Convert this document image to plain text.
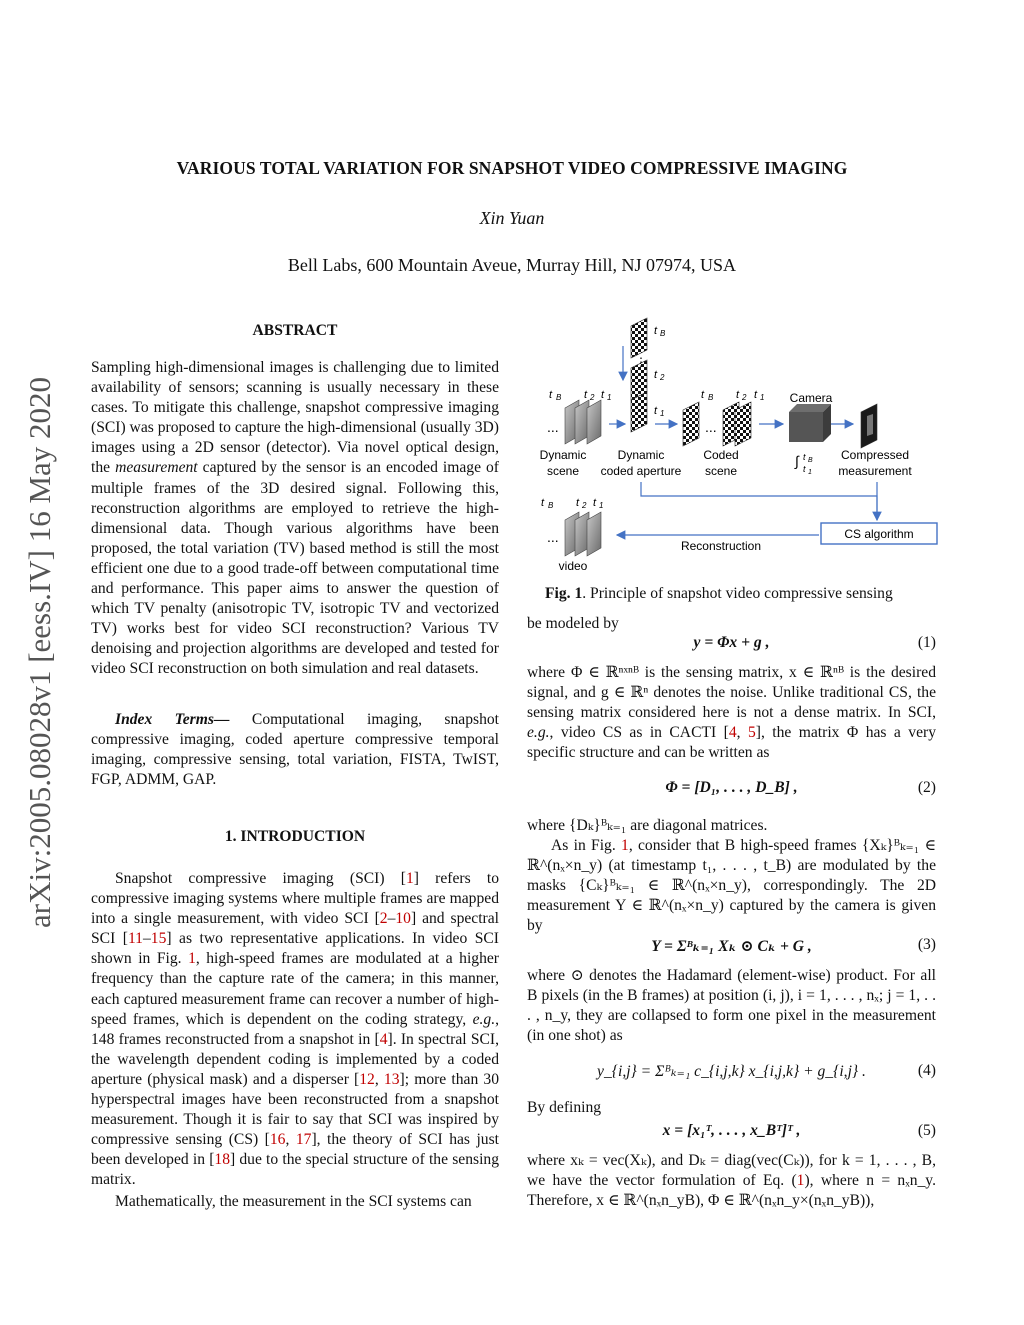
arXiv:2005.08028v1 [eess.IV] 16 May 2020
VARIOUS TOTAL VARIATION FOR SNAPSHOT VIDEO COMPRESSIVE IMAGING
Xin Yuan
Bell Labs, 600 Mountain Aveue, Murray Hill, NJ 07974, USA
ABSTRACT

Sampling high-dimensional images is challenging due to limited availability of sensors; scanning is usually necessary in these cases. To mitigate this challenge, snapshot compressive imaging (SCI) was proposed to capture the high-dimensional (usually 3D) images using a 2D sensor (detector). Via novel optical design, the measurement captured by the sensor is an encoded image of multiple frames of the 3D desired signal. Following this, reconstruction algorithms are employed to retrieve the high-dimensional data. Though various algorithms have been proposed, the total variation (TV) based method is still the most efficient one due to a good trade-off between computational time and performance. This paper aims to answer the question of which TV penalty (anisotropic TV, isotropic TV and vectorized TV) works best for video SCI reconstruction? Various TV denoising and projection algorithms are developed and tested for video SCI reconstruction on both simulation and real datasets.

Index Terms— Computational imaging, snapshot compressive imaging, coded aperture compressive temporal imaging, compressive sensing, total variation, FISTA, TwIST, FGP, ADMM, GAP.

1. INTRODUCTION

Snapshot compressive imaging (SCI) [1] refers to compressive imaging systems where multiple frames are mapped into a single measurement, with video SCI [2–10] and spectral SCI [11–15] as two representative applications. In video SCI shown in Fig. 1, high-speed frames are modulated at a higher frequency than the capture rate of the camera; in this manner, each captured measurement frame can recover a number of high-speed frames, which is dependent on the coding strategy, e.g., 148 frames reconstructed from a snapshot in [4]. In spectral SCI, the wavelength dependent coding is implemented by a coded aperture (physical mask) and a disperser [12, 13]; more than 30 hyperspectral images have been reconstructed from a snapshot measurement. Though it is fair to say that SCI was inspired by compressive sensing (CS) [16, 17], the theory of SCI has just been developed in [18] due to the special structure of the sensing matrix.

Mathematically, the measurement in the SCI systems can

...
t B t 2 t 1
Dynamic
scene
⋮
t B
t 2
t 1
Dynamic
coded aperture
...
t B t 2 t 1
Coded
scene
Camera
∫ t B
t 1
Compressed
measurement
CS algorithm
Reconstruction
...
t B t 2 t 1
video
Fig. 1. Principle of snapshot video compressive sensing
be modeled by
y = Φx + g ,	(1)

where Φ ∈ ℝⁿˣⁿᴮ is the sensing matrix, x ∈ ℝⁿᴮ is the desired signal, and g ∈ ℝⁿ denotes the noise. Unlike traditional CS, the sensing matrix considered here is not a dense matrix. In SCI, e.g., video CS as in CACTI [4, 5], the matrix Φ has a very specific structure and can be written as

Φ = [D₁, . . . , D_B] ,	(2)

where {Dₖ}ᴮₖ₌₁ are diagonal matrices.

As in Fig. 1, consider that B high-speed frames {Xₖ}ᴮₖ₌₁ ∈ ℝ^(nₓ×n_y) (at timestamp t₁, . . . , t_B) are modulated by the masks {Cₖ}ᴮₖ₌₁ ∈ ℝ^(nₓ×n_y), correspondingly. The 2D measurement Y ∈ ℝ^(nₓ×n_y) captured by the camera is given by

Y = Σᴮₖ₌₁ Xₖ ⊙ Cₖ + G ,	(3)

where ⊙ denotes the Hadamard (element-wise) product. For all B pixels (in the B frames) at position (i, j), i = 1, . . . , nₓ; j = 1, . . . , n_y, they are collapsed to form one pixel in the measurement (in one shot) as

y_{i,j} = Σᴮₖ₌₁ c_{i,j,k} x_{i,j,k} + g_{i,j} .	(4)
By defining
x = [x₁ᵀ, . . . , x_Bᵀ]ᵀ ,	(5)

where xₖ = vec(Xₖ), and Dₖ = diag(vec(Cₖ)), for k = 1, . . . , B, we have the vector formulation of Eq. (1), where n = nₓn_y. Therefore, x ∈ ℝ^(nₓn_yB), Φ ∈ ℝ^(nₓn_y×(nₓn_yB)),
